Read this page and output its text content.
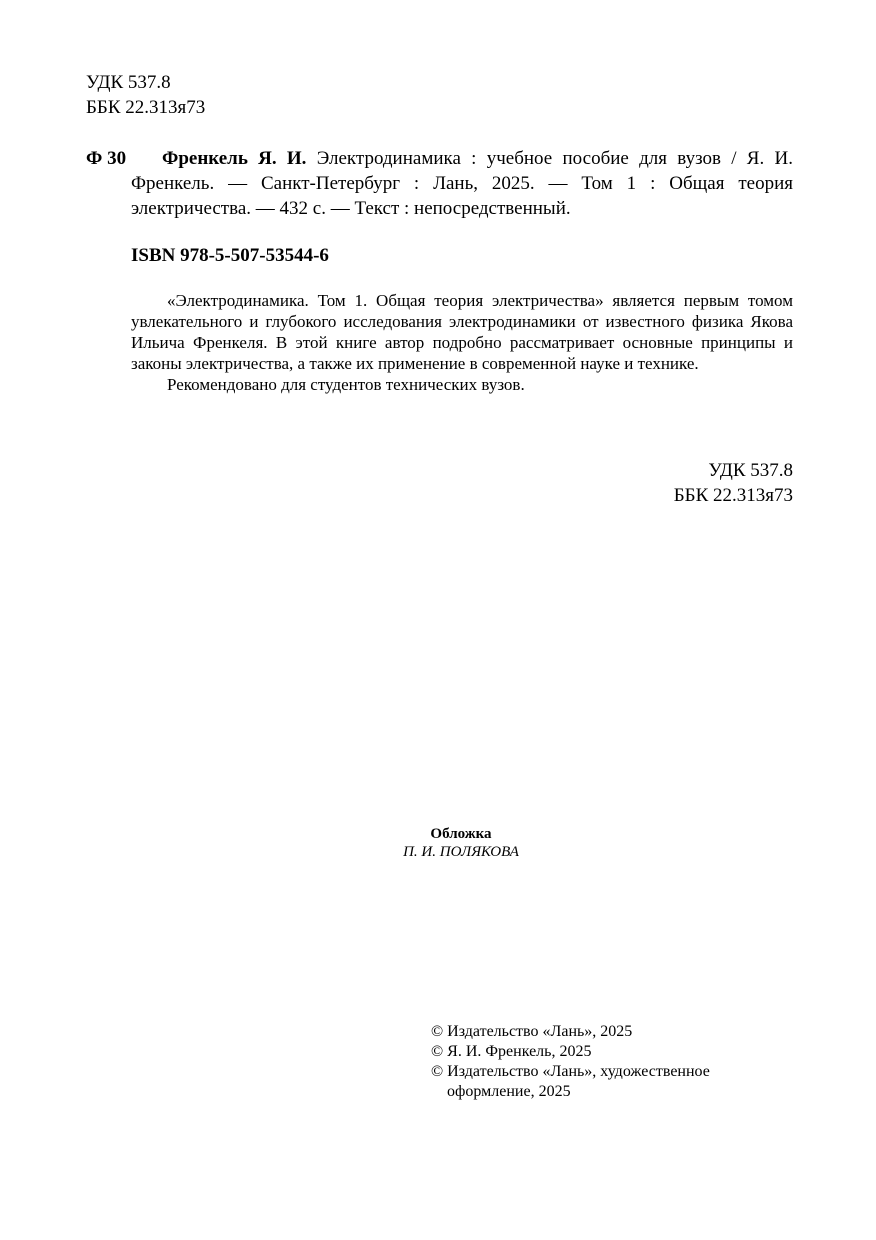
УДК 537.8
ББК 22.313я73
Ф 30	Френкель Я. И. Электродинамика : учебное пособие для вузов / Я. И. Френкель. — Санкт-Петербург : Лань, 2025. — Том 1 : Общая теория электричества. — 432 с. — Текст : непосредственный.
ISBN 978-5-507-53544-6

«Электродинамика. Том 1. Общая теория электричества» является первым томом увлекательного и глубокого исследования электродинамики от известного физика Якова Ильича Френкеля. В этой книге автор подробно рассматривает основные принципы и законы электричества, а также их применение в современной науке и технике.

Рекомендовано для студентов технических вузов.

УДК 537.8
ББК 22.313я73
Обложка
П. И. ПОЛЯКОВА
© Издательство «Лань», 2025
© Я. И. Френкель, 2025
© Издательство «Лань», художественное
оформление, 2025
